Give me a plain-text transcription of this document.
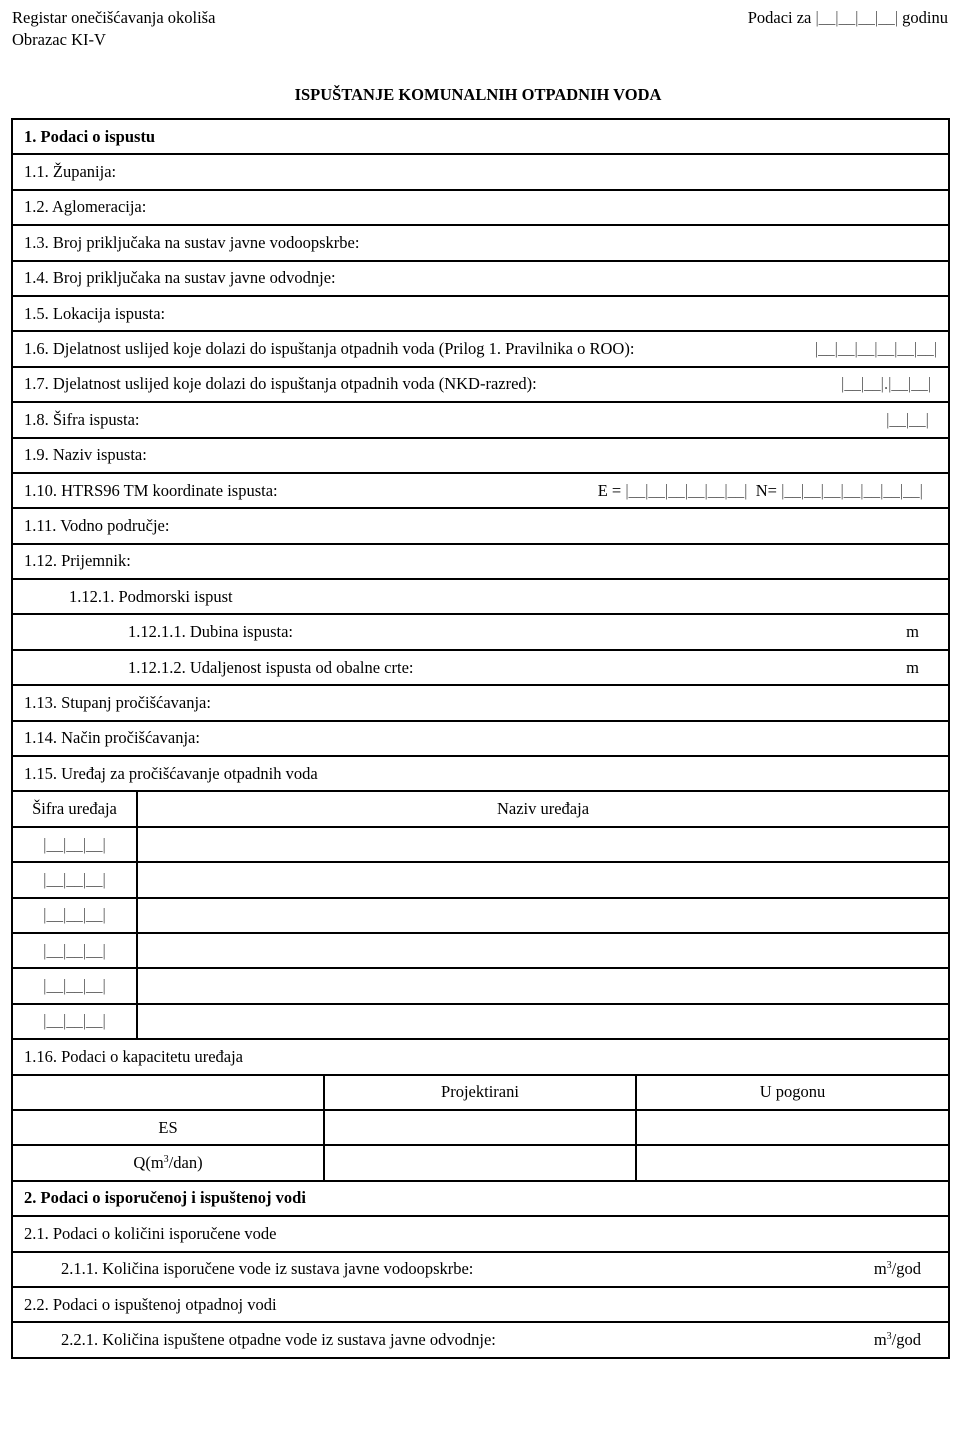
Registar onečišćavanja okoliša
Obrazac KI-V
Podaci za |__|__|__|__| godinu
ISPUŠTANJE KOMUNALNIH OTPADNIH VODA
1. Podaci o ispustu			
1.1. Županija:			
1.2. Aglomeracija:			
1.3. Broj priključaka na sustav javne vodoopskrbe:			
1.4. Broj priključaka na sustav javne odvodnje:			
1.5. Lokacija ispusta:			

1.6. Djelatnost uslijed koje dolazi do ispuštanja otpadnih voda (Prilog 1. Pravilnika o ROO): |__|__|__|__|__|__|			

1.7. Djelatnost uslijed koje dolazi do ispuštanja otpadnih voda (NKD-razred): |__|__|.|__|__|			

1.8. Šifra ispusta: |__|__|			

1.9. Naziv ispusta:			

1.10. HTRS96 TM koordinate ispusta: E = |__|__|__|__|__|__| N= |__|__|__|__|__|__|__|			

1.11. Vodno područje:			
1.12. Prijemnik:			
1.12.1. Podmorski ispust			

1.12.1.1. Dubina ispusta: m			

1.12.1.2. Udaljenost ispusta od obalne crte: m			

1.13. Stupanj pročišćavanja:			
1.14. Način pročišćavanja:			
1.15. Uređaj za pročišćavanje otpadnih voda			
Šifra uređaja	Naziv uređaja		
|__|__|__|			
|__|__|__|			
|__|__|__|			
|__|__|__|			
|__|__|__|			
|__|__|__|			
1.16. Podaci o kapacitetu uređaja			
		Projektirani	U pogonu
ES			
$Q(m^3/dan)$			
2. Podaci o isporučenoj i ispuštenoj vodi			
2.1. Podaci o količini isporučene vode			

2.1.1. Količina isporučene vode iz sustava javne vodoopskrbe: $m^3$/god			

2.2. Podaci o ispuštenoj otpadnoj vodi			

2.2.1. Količina ispuštene otpadne vode iz sustava javne odvodnje: $m^3$/god			
